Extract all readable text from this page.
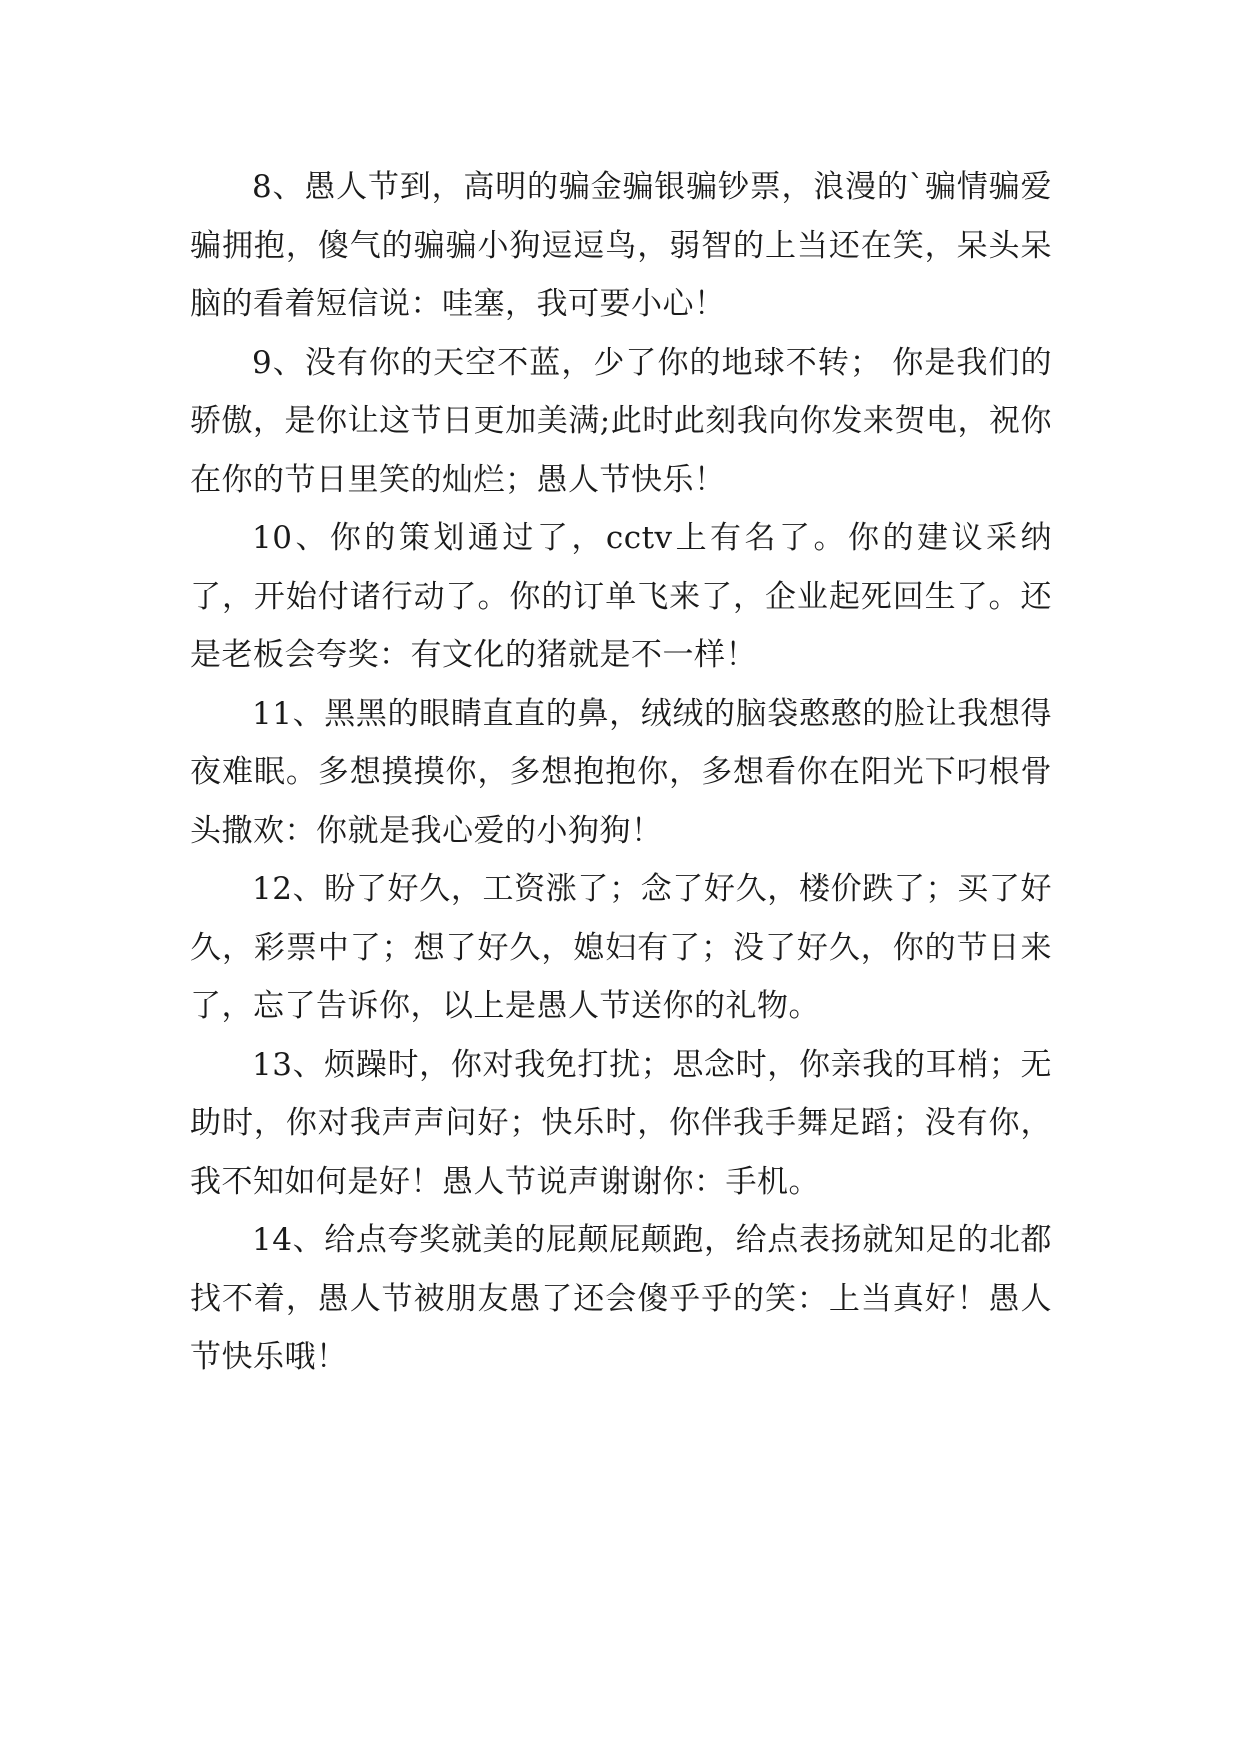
8、愚人节到，高明的骗金骗银骗钞票，浪漫的`骗情骗爱骗拥抱，傻气的骗骗小狗逗逗鸟，弱智的上当还在笑，呆头呆脑的看着短信说：哇塞，我可要小心！

9、没有你的天空不蓝，少了你的地球不转； 你是我们的骄傲，是你让这节日更加美满;此时此刻我向你发来贺电，祝你在你的节日里笑的灿烂；愚人节快乐！

10、你的策划通过了，cctv上有名了。你的建议采纳了，开始付诸行动了。你的订单飞来了，企业起死回生了。还是老板会夸奖：有文化的猪就是不一样！

11、黑黑的眼睛直直的鼻，绒绒的脑袋憨憨的脸让我想得夜难眠。多想摸摸你，多想抱抱你，多想看你在阳光下叼根骨头撒欢：你就是我心爱的小狗狗！

12、盼了好久，工资涨了；念了好久，楼价跌了；买了好久，彩票中了；想了好久，媳妇有了；没了好久，你的节日来了，忘了告诉你，以上是愚人节送你的礼物。

13、烦躁时，你对我免打扰；思念时，你亲我的耳梢；无助时，你对我声声问好；快乐时，你伴我手舞足蹈；没有你，我不知如何是好！愚人节说声谢谢你：手机。

14、给点夸奖就美的屁颠屁颠跑，给点表扬就知足的北都找不着，愚人节被朋友愚了还会傻乎乎的笑：上当真好！愚人节快乐哦！
